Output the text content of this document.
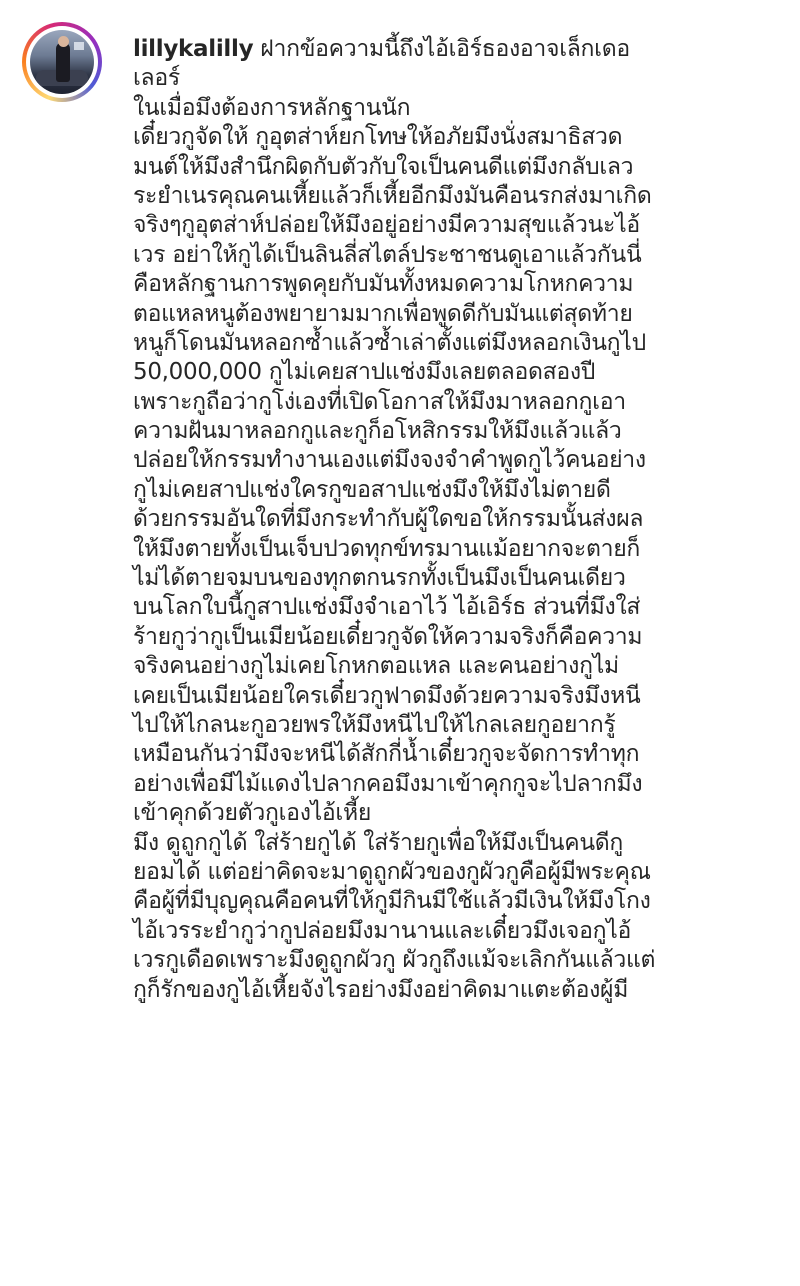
lillykalilly ฝากข้อความนี้ถึงไอ้เอิร์ธองอาจเล็กเดอ
เลอร์
ในเมื่อมึงต้องการหลักฐานนัก
เดี๋ยวกูจัดให้ กูอุตส่าห์ยกโทษให้อภัยมึงนั่งสมาธิสวด
มนต์ให้มึงสำนึกผิดกับตัวกับใจเป็นคนดีแต่มึงกลับเลว
ระยำเนรคุณคนเหี้ยแล้วก็เหี้ยอีกมึงมันคือนรกส่งมาเกิด
จริงๆกูอุตส่าห์ปล่อยให้มึงอยู่อย่างมีความสุขแล้วนะไอ้
เวร อย่าให้กูได้เป็นลินลี่สไตล์ประชาชนดูเอาแล้วกันนี่
คือหลักฐานการพูดคุยกับมันทั้งหมดความโกหกความ
ตอแหลหนูต้องพยายามมากเพื่อพูดดีกับมันแต่สุดท้าย
หนูก็โดนมันหลอกซ้ำแล้วซ้ำเล่าตั้งแต่มึงหลอกเงินกูไป
50,000,000 กูไม่เคยสาปแช่งมึงเลยตลอดสองปี
เพราะกูถือว่ากูโง่เองที่เปิดโอกาสให้มึงมาหลอกกูเอา
ความฝันมาหลอกกูและกูก็อโหสิกรรมให้มึงแล้วแล้ว
ปล่อยให้กรรมทำงานเองแต่มึงจงจำคำพูดกูไว้คนอย่าง
กูไม่เคยสาปแช่งใครกูขอสาปแช่งมึงให้มึงไม่ตายดี
ด้วยกรรมอันใดที่มึงกระทำกับผู้ใดขอให้กรรมนั้นส่งผล
ให้มึงตายทั้งเป็นเจ็บปวดทุกข์ทรมานแม้อยากจะตายก็
ไม่ได้ตายจมบนของทุกตกนรกทั้งเป็นมึงเป็นคนเดียว
บนโลกใบนี้กูสาปแช่งมึงจำเอาไว้ ไอ้เอิร์ธ ส่วนที่มึงใส่
ร้ายกูว่ากูเป็นเมียน้อยเดี๋ยวกูจัดให้ความจริงก็คือความ
จริงคนอย่างกูไม่เคยโกหกตอแหล และคนอย่างกูไม่
เคยเป็นเมียน้อยใครเดี๋ยวกูฟาดมึงด้วยความจริงมึงหนี
ไปให้ไกลนะกูอวยพรให้มึงหนีไปให้ไกลเลยกูอยากรู้
เหมือนกันว่ามึงจะหนีได้สักกี่น้ำเดี๋ยวกูจะจัดการทำทุก
อย่างเพื่อมีไม้แดงไปลากคอมึงมาเข้าคุกกูจะไปลากมึง
เข้าคุกด้วยตัวกูเองไอ้เหี้ย
มึง ดูถูกกูได้ ใส่ร้ายกูได้ ใส่ร้ายกูเพื่อให้มึงเป็นคนดีกู
ยอมได้ แต่อย่าคิดจะมาดูถูกผัวของกูผัวกูคือผู้มีพระคุณ
คือผู้ที่มีบุญคุณคือคนที่ให้กูมีกินมีใช้แล้วมีเงินให้มึงโกง
ไอ้เวรระยำกูว่ากูปล่อยมึงมานานและเดี๋ยวมึงเจอกูไอ้
เวรกูเดือดเพราะมึงดูถูกผัวกู ผัวกูถึงแม้จะเลิกกันแล้วแต่
กูก็รักของกูไอ้เหี้ยจังไรอย่างมึงอย่าคิดมาแตะต้องผู้มี
